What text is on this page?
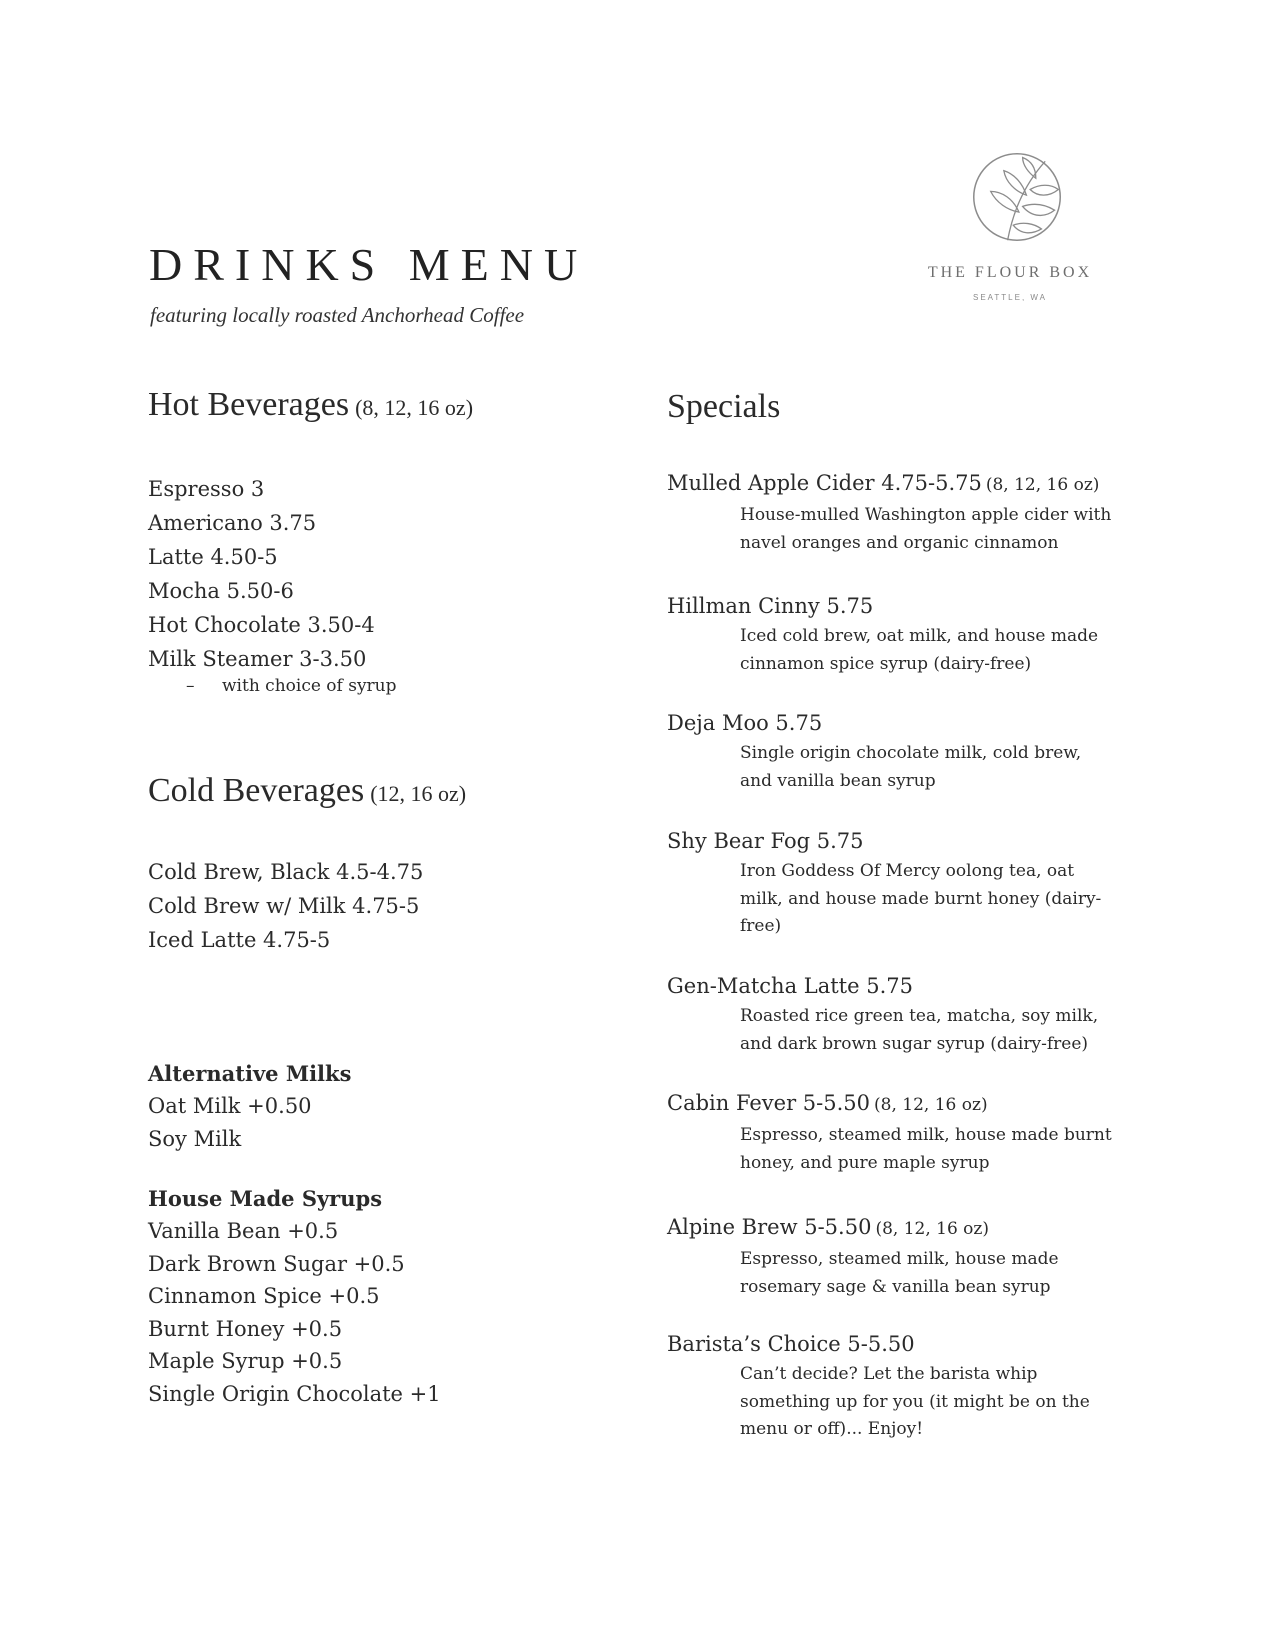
DRINKS MENU
featuring locally roasted Anchorhead Coffee
THE FLOUR BOX
SEATTLE, WA
Hot Beverages (8, 12, 16 oz)
Espresso 3
Americano 3.75
Latte 4.50-5
Mocha 5.50-6
Hot Chocolate 3.50-4
Milk Steamer 3-3.50
– with choice of syrup
Cold Beverages (12, 16 oz)
Cold Brew, Black 4.5-4.75
Cold Brew w/ Milk 4.75-5
Iced Latte 4.75-5
Alternative Milks
Oat Milk +0.50
Soy Milk
House Made Syrups
Vanilla Bean +0.5
Dark Brown Sugar +0.5
Cinnamon Spice +0.5
Burnt Honey +0.5
Maple Syrup +0.5
Single Origin Chocolate +1
Specials
Mulled Apple Cider 4.75-5.75 (8, 12, 16 oz)
House-mulled Washington apple cider with navel oranges and organic cinnamon
Hillman Cinny 5.75
Iced cold brew, oat milk, and house made cinnamon spice syrup (dairy-free)
Deja Moo 5.75
Single origin chocolate milk, cold brew, and vanilla bean syrup
Shy Bear Fog 5.75
Iron Goddess Of Mercy oolong tea, oat milk, and house made burnt honey (dairy-free)
Gen-Matcha Latte 5.75
Roasted rice green tea, matcha, soy milk, and dark brown sugar syrup (dairy-free)
Cabin Fever 5-5.50 (8, 12, 16 oz)
Espresso, steamed milk, house made burnt honey, and pure maple syrup
Alpine Brew 5-5.50 (8, 12, 16 oz)
Espresso, steamed milk, house made rosemary sage & vanilla bean syrup
Barista’s Choice 5-5.50
Can’t decide? Let the barista whip something up for you (it might be on the menu or off)... Enjoy!
